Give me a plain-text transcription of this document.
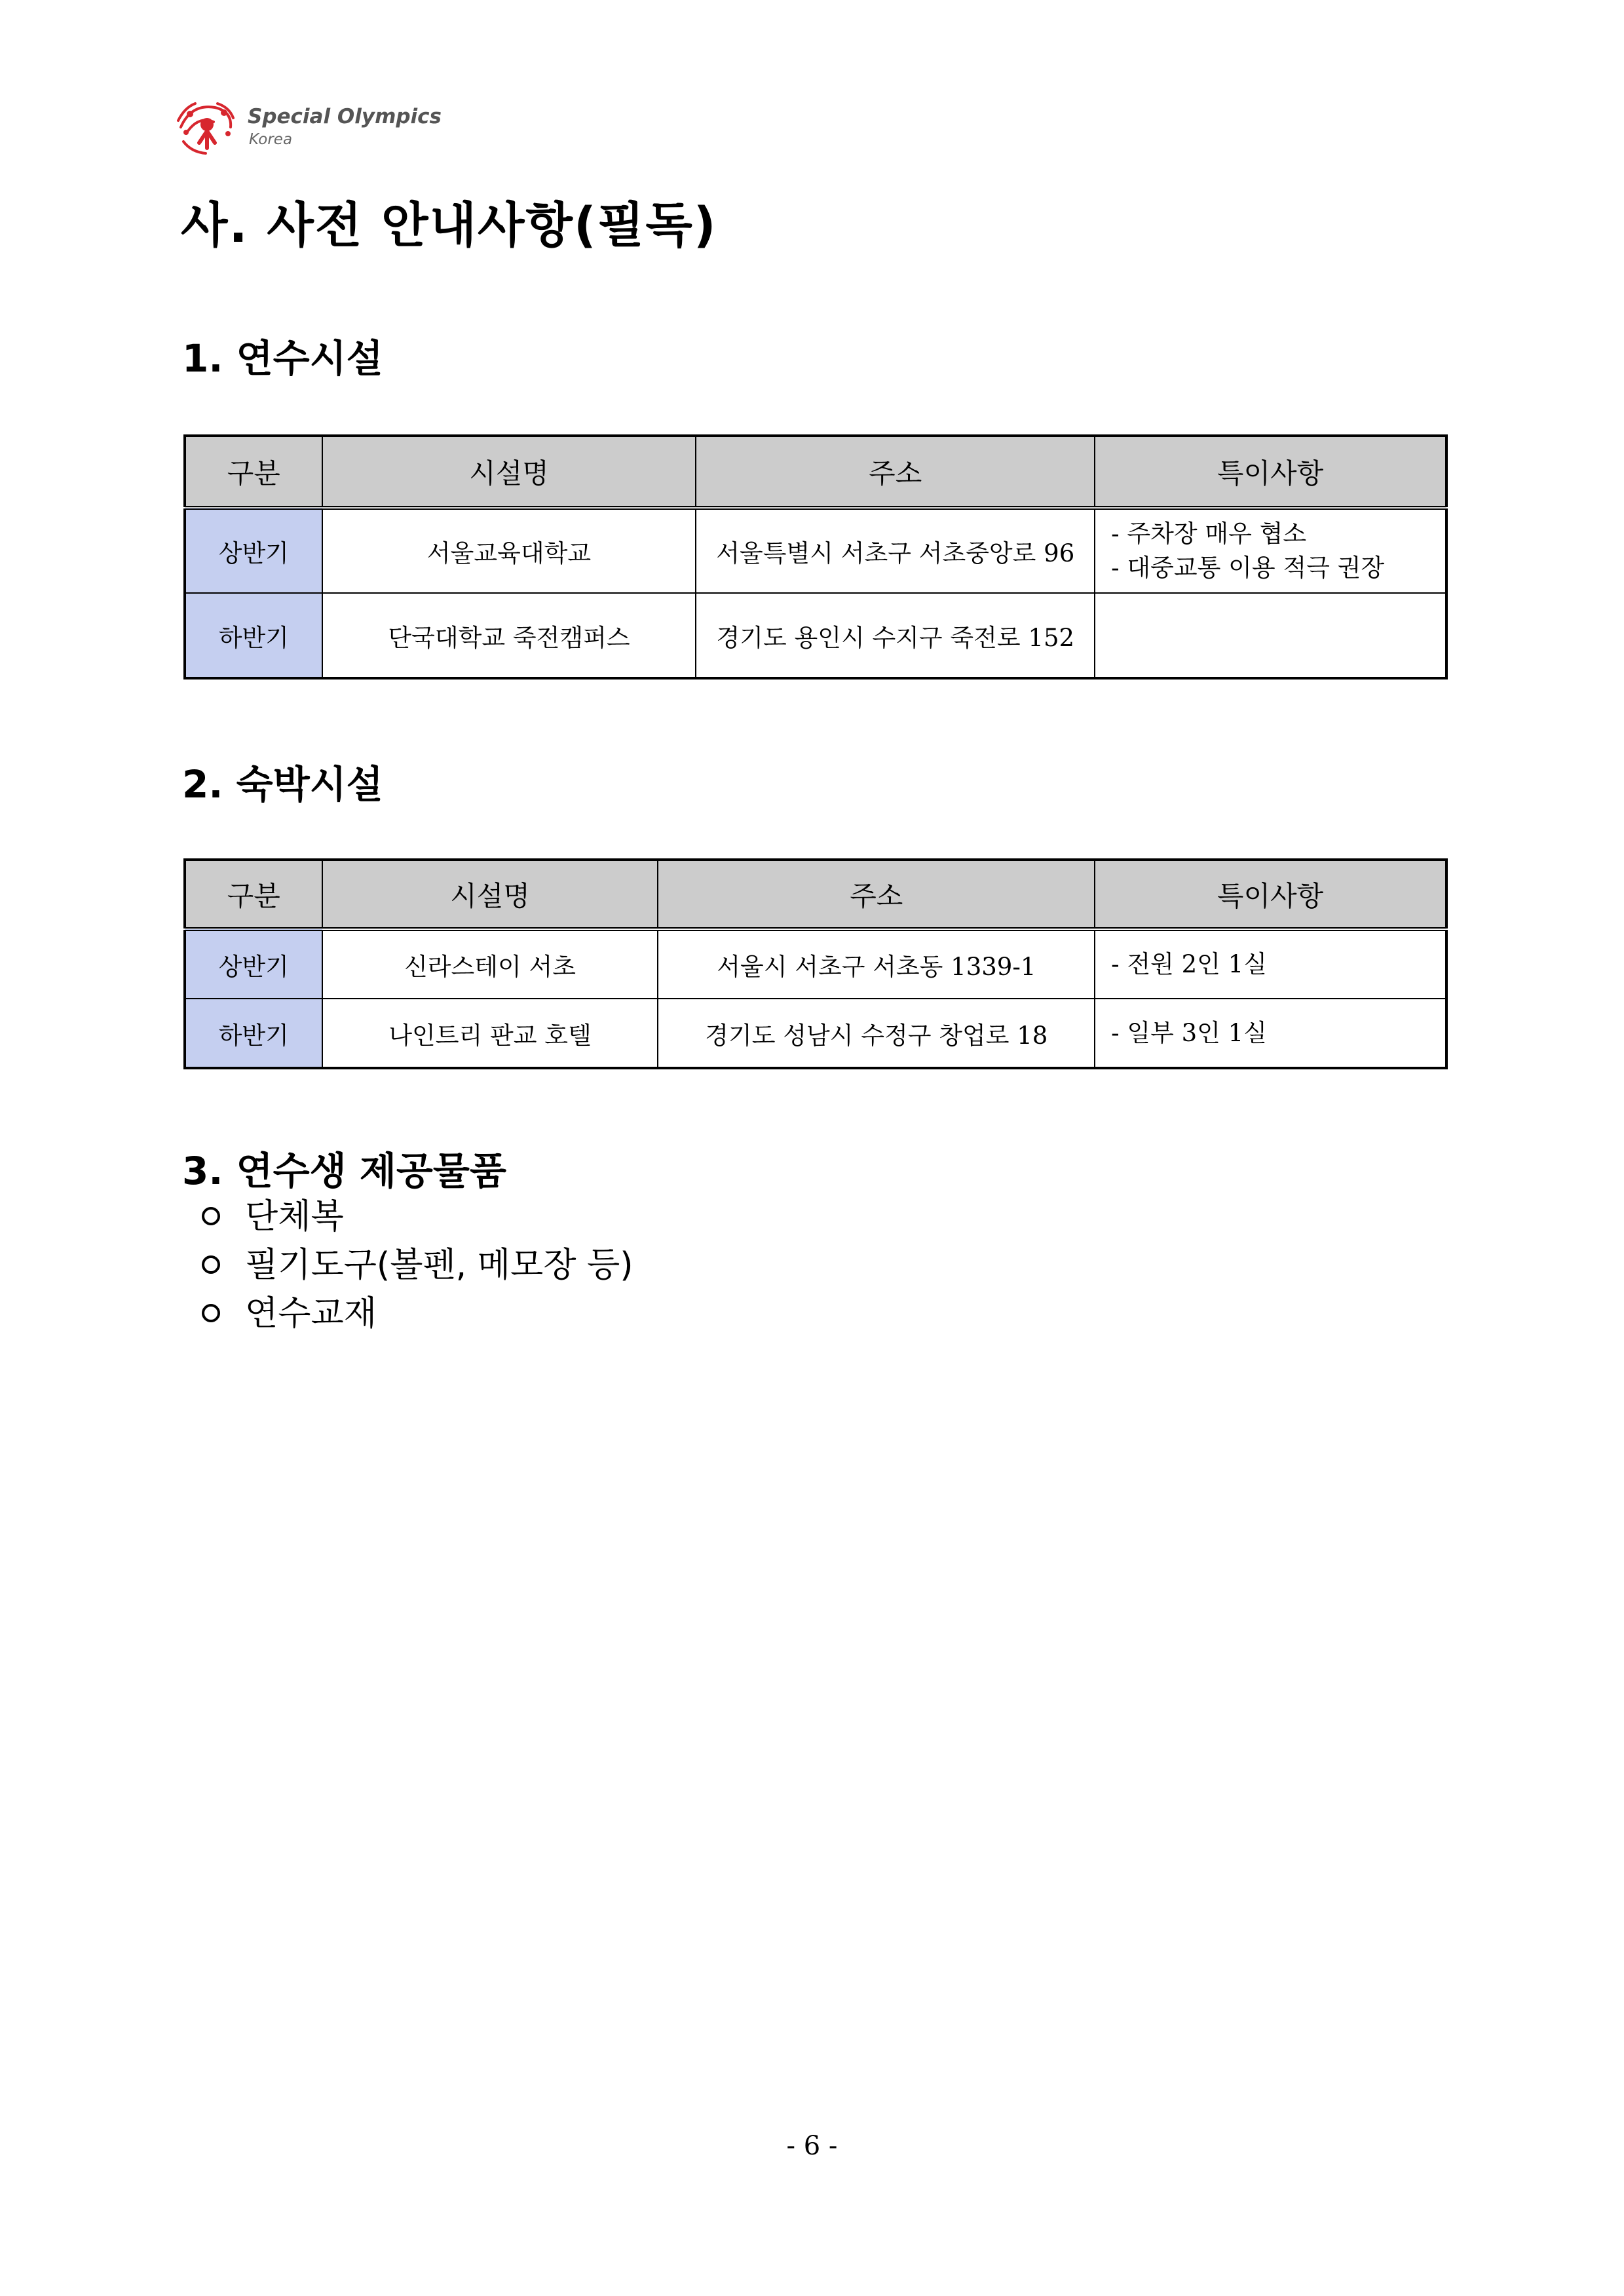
Special Olympics
Korea
사. 사전 안내사항(필독)
1. 연수시설
구분	시설명	주소	특이사항
상반기	서울교육대학교	서울특별시 서초구 서초중앙로 96	- 주차장 매우 협소
- 대중교통 이용 적극 권장

하반기	단국대학교 죽전캠퍼스	경기도 용인시 수지구 죽전로 152	
2. 숙박시설
구분	시설명	주소	특이사항
상반기	신라스테이 서초	서울시 서초구 서초동 1339-1	- 전원 2인 1실
하반기	나인트리 판교 호텔	경기도 성남시 수정구 창업로 18	- 일부 3인 1실
3. 연수생 제공물품
단체복
필기도구(볼펜, 메모장 등)
연수교재
- 6 -
